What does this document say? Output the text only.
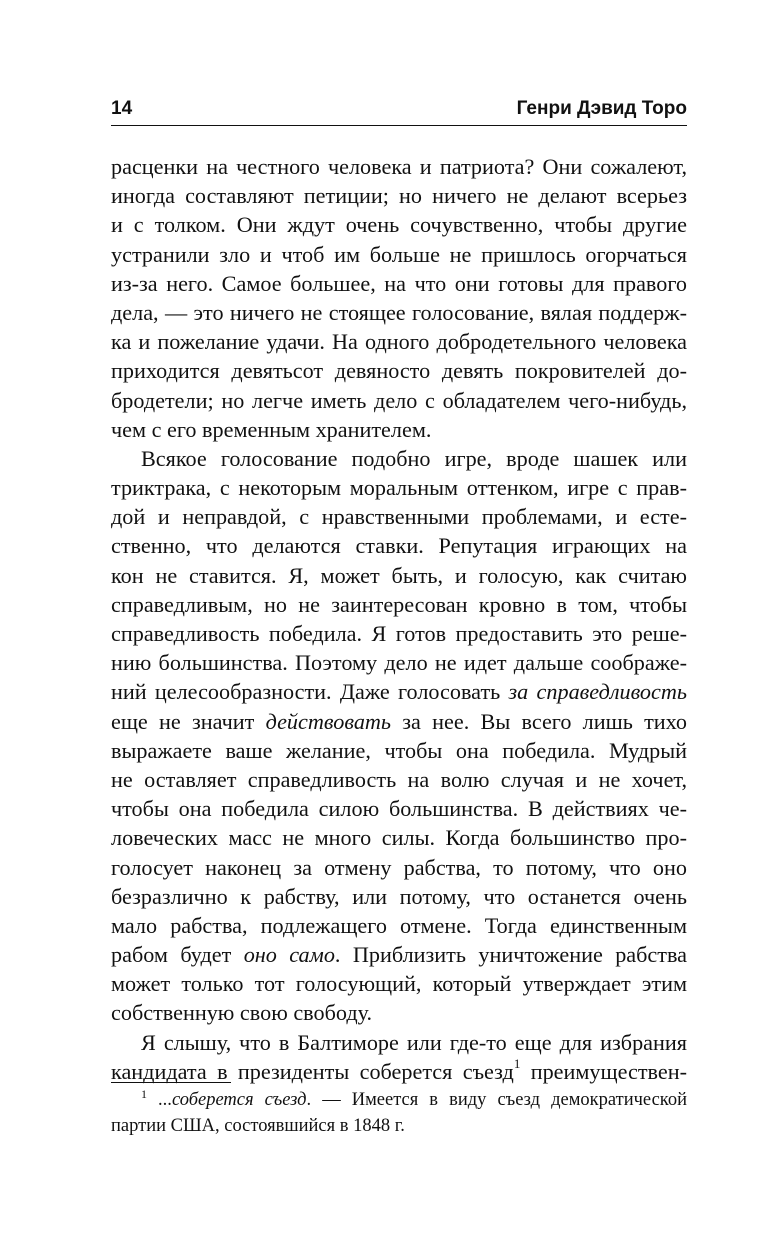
14	Генри Дэвид Торо
расценки на честного человека и патриота? Они сожалеют,
иногда составляют петиции; но ничего не делают всерьез
и с толком. Они ждут очень сочувственно, чтобы другие
устранили зло и чтоб им больше не пришлось огорчаться
из-за него. Самое большее, на что они готовы для правого
дела, — это ничего не стоящее голосование, вялая поддерж-
ка и пожелание удачи. На одного добродетельного человека
приходится девятьсот девяносто девять покровителей до-
бродетели; но легче иметь дело с обладателем чего-нибудь,
чем с его временным хранителем.
Всякое голосование подобно игре, вроде шашек или
триктрака, с некоторым моральным оттенком, игре с прав-
дой и неправдой, с нравственными проблемами, и есте-
ственно, что делаются ставки. Репутация играющих на
кон не ставится. Я, может быть, и голосую, как считаю
справедливым, но не заинтересован кровно в том, чтобы
справедливость победила. Я готов предоставить это реше-
нию большинства. Поэтому дело не идет дальше соображе-
ний целесообразности. Даже голосовать за справедливость
еще не значит действовать за нее. Вы всего лишь тихо
выражаете ваше желание, чтобы она победила. Мудрый
не оставляет справедливость на волю случая и не хочет,
чтобы она победила силою большинства. В действиях че-
ловеческих масс не много силы. Когда большинство про-
голосует наконец за отмену рабства, то потому, что оно
безразлично к рабству, или потому, что останется очень
мало рабства, подлежащего отмене. Тогда единственным
рабом будет оно само. Приблизить уничтожение рабства
может только тот голосующий, который утверждает этим
собственную свою свободу.
Я слышу, что в Балтиморе или где-то еще для избрания
кандидата в президенты соберется съезд$^1$ преимуществен-
$^1$ ...соберется съезд. — Имеется в виду съезд демократической
партии США, состоявшийся в 1848 г.
